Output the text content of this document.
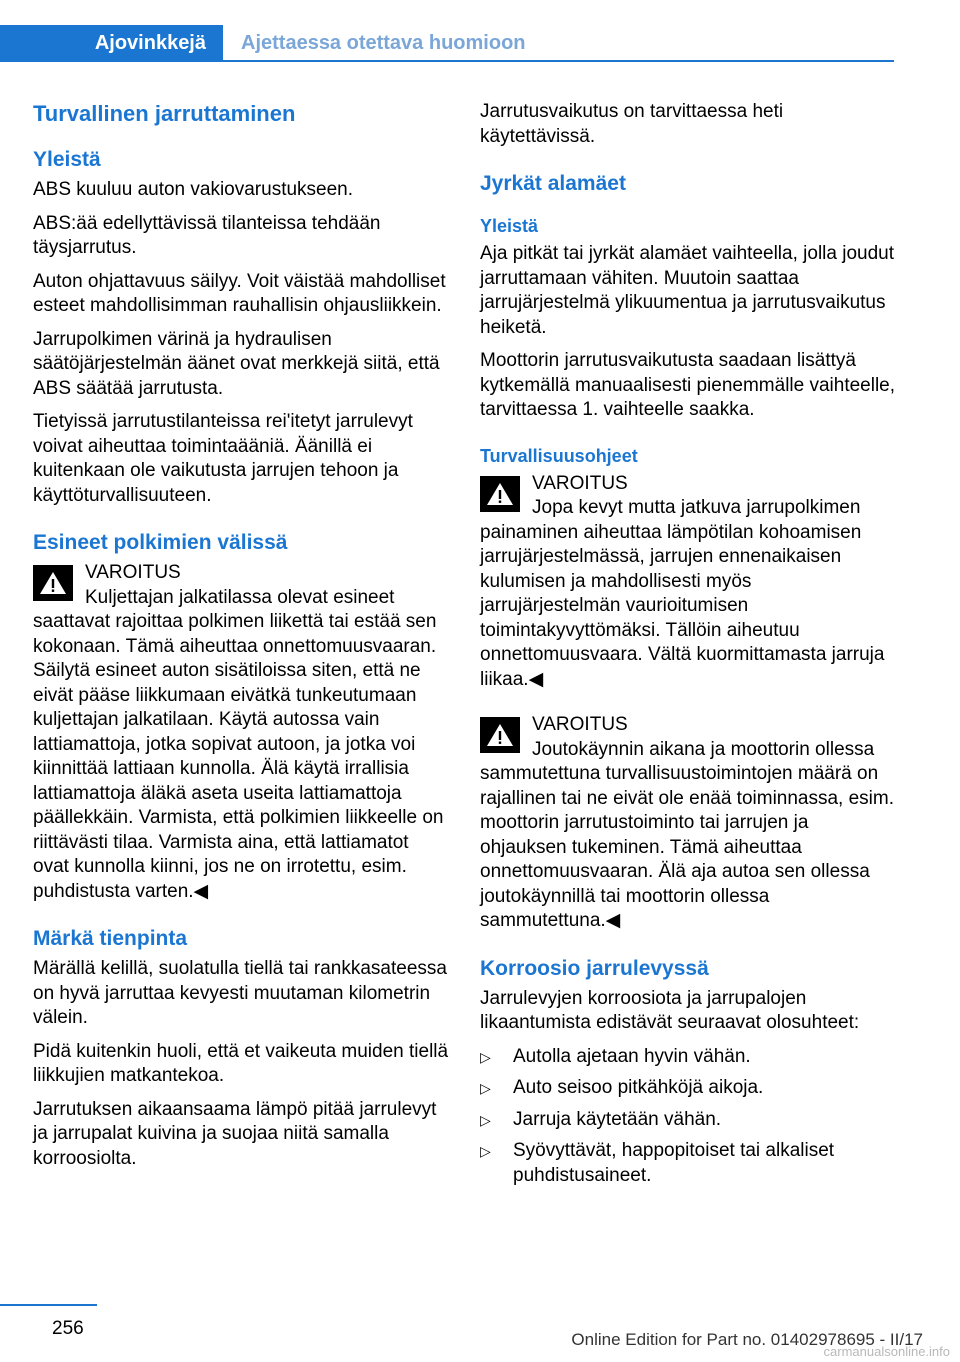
Ajovinkkejä	Ajettaessa otettava huomioon
Turvallinen jarruttaminen
Yleistä
ABS kuuluu auton vakiovarustukseen.
ABS:ää edellyttävissä tilanteissa tehdään täysjarrutus.
Auton ohjattavuus säilyy. Voit väistää mahdolliset esteet mahdollisimman rauhallisin ohjausliikkein.
Jarrupolkimen värinä ja hydraulisen säätöjärjestelmän äänet ovat merkkejä siitä, että ABS säätää jarrutusta.
Tietyissä jarrutustilanteissa rei'itetyt jarrulevyt voivat aiheuttaa toimintaääniä. Äänillä ei kuitenkaan ole vaikutusta jarrujen tehoon ja käyttöturvallisuuteen.
Esineet polkimien välissä
VAROITUS
Kuljettajan jalkatilassa olevat esineet
saattavat rajoittaa polkimen liikettä tai estää sen kokonaan. Tämä aiheuttaa onnettomuusvaaran. Säilytä esineet auton sisätiloissa siten, että ne eivät pääse liikkumaan eivätkä tunkeutumaan kuljettajan jalkatilaan. Käytä autossa vain lattiamattoja, jotka sopivat autoon, ja jotka voi kiinnittää lattiaan kunnolla. Älä käytä irrallisia lattiamattoja äläkä aseta useita lattiamattoja päällekkäin. Varmista, että polkimien liikkeelle on riittävästi tilaa. Varmista aina, että lattiamatot ovat kunnolla kiinni, jos ne on irrotettu, esim. puhdistusta varten.◀
Märkä tienpinta
Märällä kelillä, suolatulla tiellä tai rankkasateessa on hyvä jarruttaa kevyesti muutaman kilometrin välein.
Pidä kuitenkin huoli, että et vaikeuta muiden tiellä liikkujien matkantekoa.
Jarrutuksen aikaansaama lämpö pitää jarrulevyt ja jarrupalat kuivina ja suojaa niitä samalla korroosiolta.
Jarrutusvaikutus on tarvittaessa heti käytettävissä.
Jyrkät alamäet
Yleistä
Aja pitkät tai jyrkät alamäet vaihteella, jolla joudut jarruttamaan vähiten. Muutoin saattaa jarrujärjestelmä ylikuumentua ja jarrutusvaikutus heiketä.
Moottorin jarrutusvaikutusta saadaan lisättyä kytkemällä manuaalisesti pienemmälle vaihteelle, tarvittaessa 1. vaihteelle saakka.
Turvallisuusohjeet
VAROITUS
Jopa kevyt mutta jatkuva jarrupolkimen
painaminen aiheuttaa lämpötilan kohoamisen jarrujärjestelmässä, jarrujen ennenaikaisen kulumisen ja mahdollisesti myös jarrujärjestelmän vaurioitumisen toimintakyvyttömäksi. Tällöin aiheutuu onnettomuusvaara. Vältä kuormittamasta jarruja liikaa.◀
VAROITUS
Joutokäynnin aikana ja moottorin ollessa
sammutettuna turvallisuustoimintojen määrä on rajallinen tai ne eivät ole enää toiminnassa, esim. moottorin jarrutustoiminto tai jarrujen ja ohjauksen tukeminen. Tämä aiheuttaa onnettomuusvaaran. Älä aja autoa sen ollessa joutokäynnillä tai moottorin ollessa sammutettuna.◀
Korroosio jarrulevyssä
Jarrulevyjen korroosiota ja jarrupalojen likaantumista edistävät seuraavat olosuhteet:
▷	Autolla ajetaan hyvin vähän.
▷	Auto seisoo pitkähköjä aikoja.
▷	Jarruja käytetään vähän.
▷	Syövyttävät, happopitoiset tai alkaliset puhdistusaineet.
256
Online Edition for Part no. 01402978695 - II/17
carmanualsonline.info
